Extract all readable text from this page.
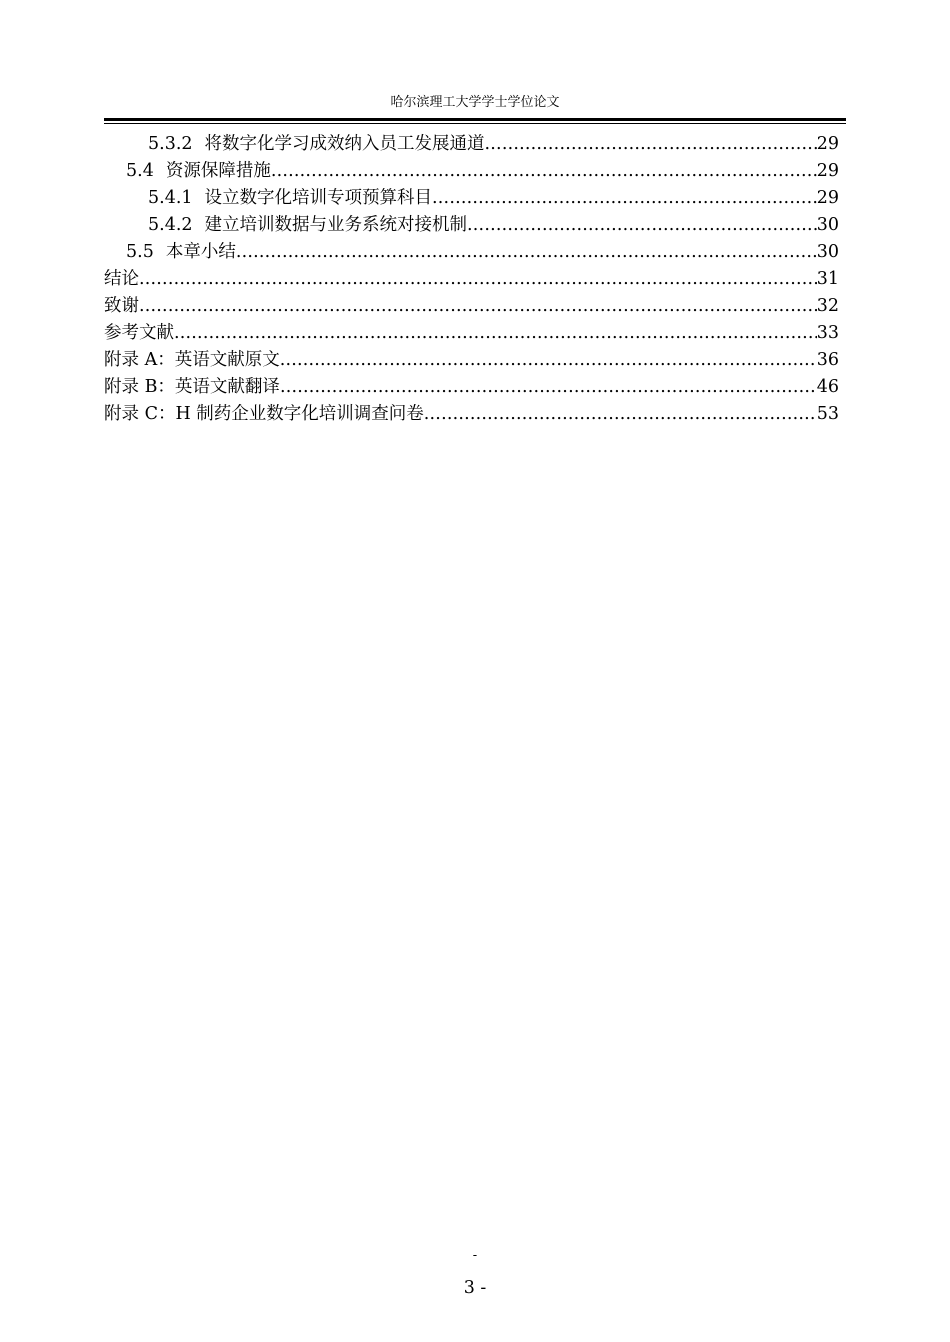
哈尔滨理工大学学士学位论文
5.3.2 将数字化学习成效纳入员工发展通道 .....	29
5.4 资源保障措施 .....	29
5.4.1 设立数字化培训专项预算科目 .....	29
5.4.2 建立培训数据与业务系统对接机制 .....	30
5.5 本章小结 .....	30
结论 .....	31
致谢 .....	32
参考文献 .....	33
附录 A：英语文献原文 .....	36
附录 B：英语文献翻译 .....	46
附录 C：H 制药企业数字化培训调查问卷 .....	53
-
3 -
